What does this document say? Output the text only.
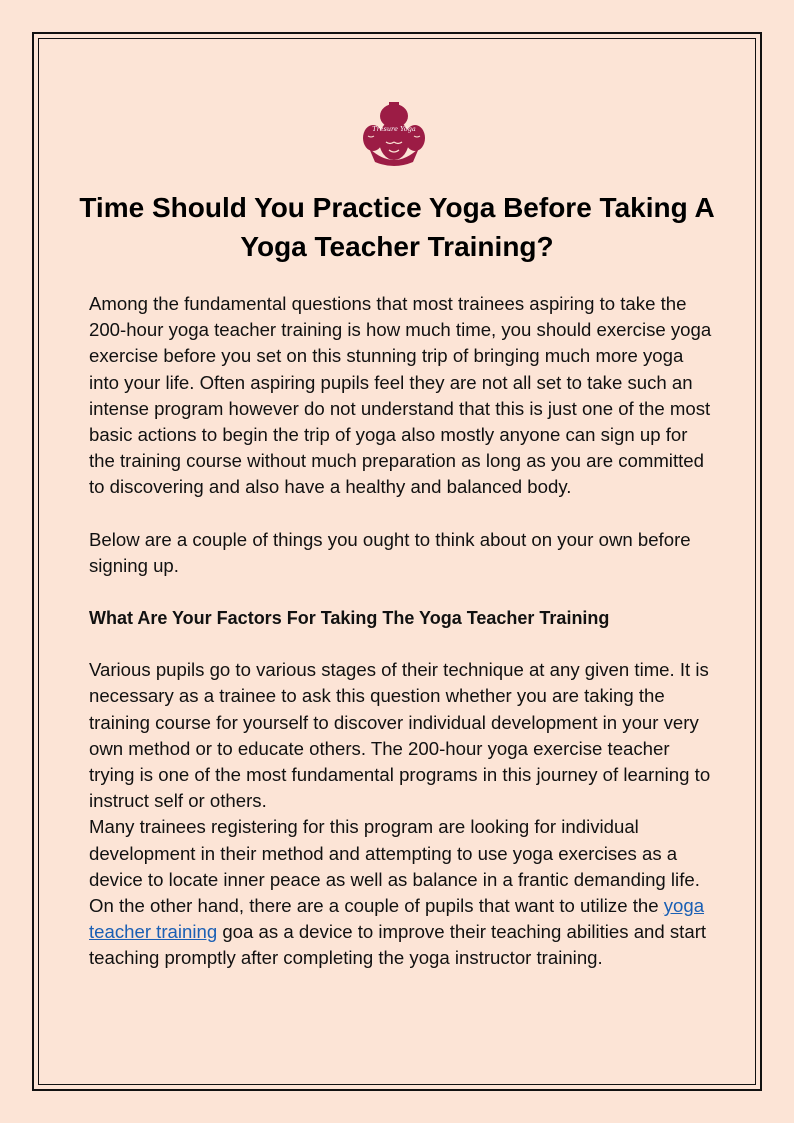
Tresure Yoga
Time Should You Practice Yoga Before Taking A Yoga Teacher Training?

Among the fundamental questions that most trainees aspiring to take the 200-hour yoga teacher training is how much time, you should exercise yoga exercise before you set on this stunning trip of bringing much more yoga into your life. Often aspiring pupils feel they are not all set to take such an intense program however do not understand that this is just one of the most basic actions to begin the trip of yoga also mostly anyone can sign up for the training course without much preparation as long as you are committed to discovering and also have a healthy and balanced body.

Below are a couple of things you ought to think about on your own before signing up.

What Are Your Factors For Taking The Yoga Teacher Training

Various pupils go to various stages of their technique at any given time. It is necessary as a trainee to ask this question whether you are taking the training course for yourself to discover individual development in your very own method or to educate others. The 200-hour yoga exercise teacher trying is one of the most fundamental programs in this journey of learning to instruct self or others.

Many trainees registering for this program are looking for individual development in their method and attempting to use yoga exercises as a device to locate inner peace as well as balance in a frantic demanding life. On the other hand, there are a couple of pupils that want to utilize the yoga teacher training goa as a device to improve their teaching abilities and start teaching promptly after completing the yoga instructor training.
